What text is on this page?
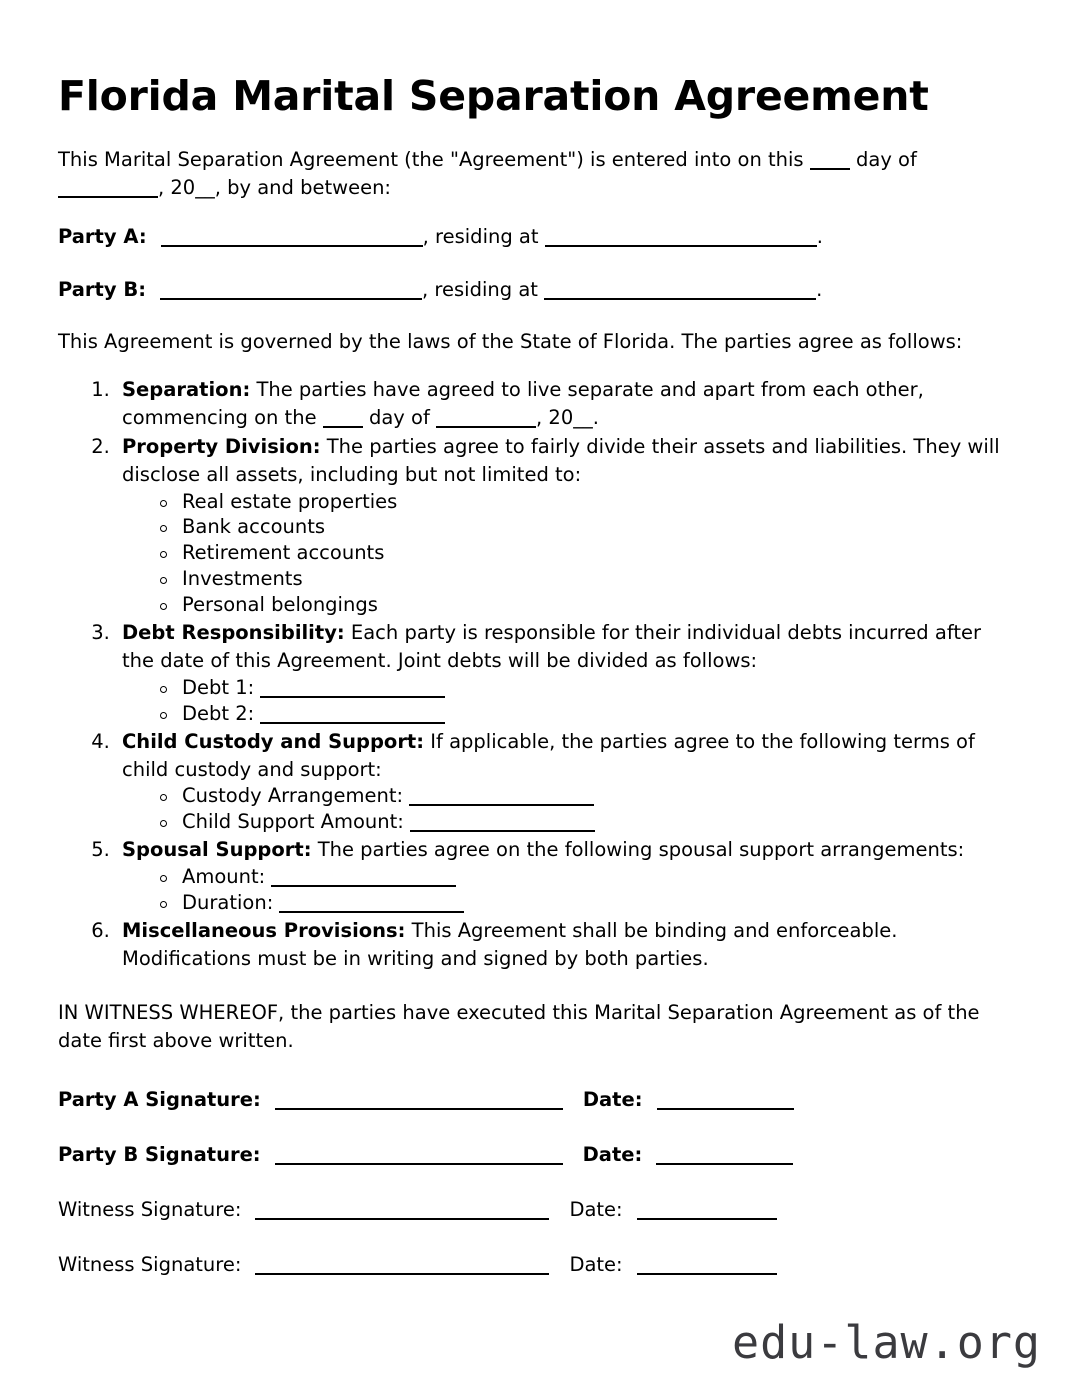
Florida Marital Separation Agreement

This Marital Separation Agreement (the "Agreement") is entered into on this  day of , 20__, by and between:

Party A:	, residing at	.

Party B:	, residing at	.

This Agreement is governed by the laws of the State of Florida. The parties agree as follows:

1. Separation: The parties have agreed to live separate and apart from each other, commencing on the  day of	, 20__.
2. Property Division: The parties agree to fairly divide their assets and liabilities. They will disclose all assets, including but not limited to:
Real estate properties
Bank accounts
Retirement accounts
Investments
Personal belongings
3. Debt Responsibility: Each party is responsible for their individual debts incurred after the date of this Agreement. Joint debts will be divided as follows:
Debt 1:
Debt 2:
4. Child Custody and Support: If applicable, the parties agree to the following terms of child custody and support:
Custody Arrangement:
Child Support Amount:
5. Spousal Support: The parties agree on the following spousal support arrangements:
Amount:
Duration:
6. Miscellaneous Provisions: This Agreement shall be binding and enforceable. Modifications must be in writing and signed by both parties.

IN WITNESS WHEREOF, the parties have executed this Marital Separation Agreement as of the date first above written.

Party A Signature:	Date:

Party B Signature:	Date:

Witness Signature:	Date:

Witness Signature:	Date:

edu-law.org
